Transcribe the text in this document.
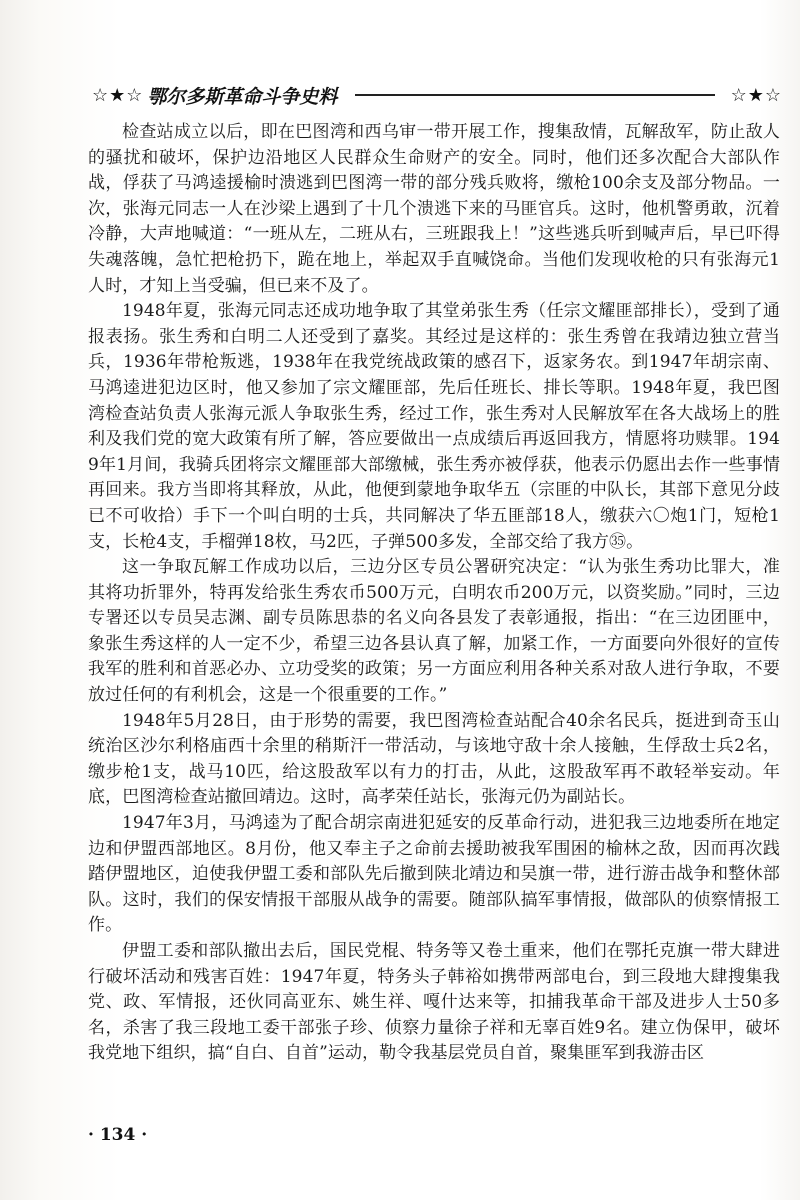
☆★☆ 鄂尔多斯革命斗争史料	☆★☆

检查站成立以后，即在巴图湾和西乌审一带开展工作，搜集敌情，瓦解敌军，防止敌人的骚扰和破坏，保护边沿地区人民群众生命财产的安全。同时，他们还多次配合大部队作战，俘获了马鸿逵援榆时溃逃到巴图湾一带的部分残兵败将，缴枪100余支及部分物品。一次，张海元同志一人在沙梁上遇到了十几个溃逃下来的马匪官兵。这时，他机警勇敢，沉着冷静，大声地喊道：“一班从左，二班从右，三班跟我上！”这些逃兵听到喊声后，早已吓得失魂落魄，急忙把枪扔下，跪在地上，举起双手直喊饶命。当他们发现收枪的只有张海元1人时，才知上当受骗，但已来不及了。

1948年夏，张海元同志还成功地争取了其堂弟张生秀（任宗文耀匪部排长），受到了通报表扬。张生秀和白明二人还受到了嘉奖。其经过是这样的：张生秀曾在我靖边独立营当兵，1936年带枪叛逃，1938年在我党统战政策的感召下，返家务农。到1947年胡宗南、马鸿逵进犯边区时，他又参加了宗文耀匪部，先后任班长、排长等职。1948年夏，我巴图湾检查站负责人张海元派人争取张生秀，经过工作，张生秀对人民解放军在各大战场上的胜利及我们党的宽大政策有所了解，答应要做出一点成绩后再返回我方，情愿将功赎罪。1949年1月间，我骑兵团将宗文耀匪部大部缴械，张生秀亦被俘获，他表示仍愿出去作一些事情再回来。我方当即将其释放，从此，他便到蒙地争取华五（宗匪的中队长，其部下意见分歧已不可收拾）手下一个叫白明的士兵，共同解决了华五匪部18人，缴获六〇炮1门，短枪1支，长枪4支，手榴弹18枚，马2匹，子弹500多发，全部交给了我方㉟。

这一争取瓦解工作成功以后，三边分区专员公署研究决定：“认为张生秀功比罪大，准其将功折罪外，特再发给张生秀农币500万元，白明农币200万元，以资奖励。”同时，三边专署还以专员吴志渊、副专员陈思恭的名义向各县发了表彰通报，指出：“在三边团匪中，象张生秀这样的人一定不少，希望三边各县认真了解，加紧工作，一方面要向外很好的宣传我军的胜利和首恶必办、立功受奖的政策；另一方面应利用各种关系对敌人进行争取，不要放过任何的有利机会，这是一个很重要的工作。”

1948年5月28日，由于形势的需要，我巴图湾检查站配合40余名民兵，挺进到奇玉山统治区沙尔利格庙西十余里的稍斯汗一带活动，与该地守敌十余人接触，生俘敌士兵2名，缴步枪1支，战马10匹，给这股敌军以有力的打击，从此，这股敌军再不敢轻举妄动。年底，巴图湾检查站撤回靖边。这时，高孝荣任站长，张海元仍为副站长。

1947年3月，马鸿逵为了配合胡宗南进犯延安的反革命行动，进犯我三边地委所在地定边和伊盟西部地区。8月份，他又奉主子之命前去援助被我军围困的榆林之敌，因而再次践踏伊盟地区，迫使我伊盟工委和部队先后撤到陕北靖边和吴旗一带，进行游击战争和整休部队。这时，我们的保安情报干部服从战争的需要。随部队搞军事情报，做部队的侦察情报工作。

伊盟工委和部队撤出去后，国民党棍、特务等又卷土重来，他们在鄂托克旗一带大肆进行破坏活动和残害百姓：1947年夏，特务头子韩裕如携带两部电台，到三段地大肆搜集我党、政、军情报，还伙同高亚东、姚生祥、嘎什达来等，扣捕我革命干部及进步人士50多名，杀害了我三段地工委干部张子珍、侦察力量徐子祥和无辜百姓9名。建立伪保甲，破坏我党地下组织，搞“自白、自首”运动，勒令我基层党员自首，聚集匪军到我游击区

· 134 ·
